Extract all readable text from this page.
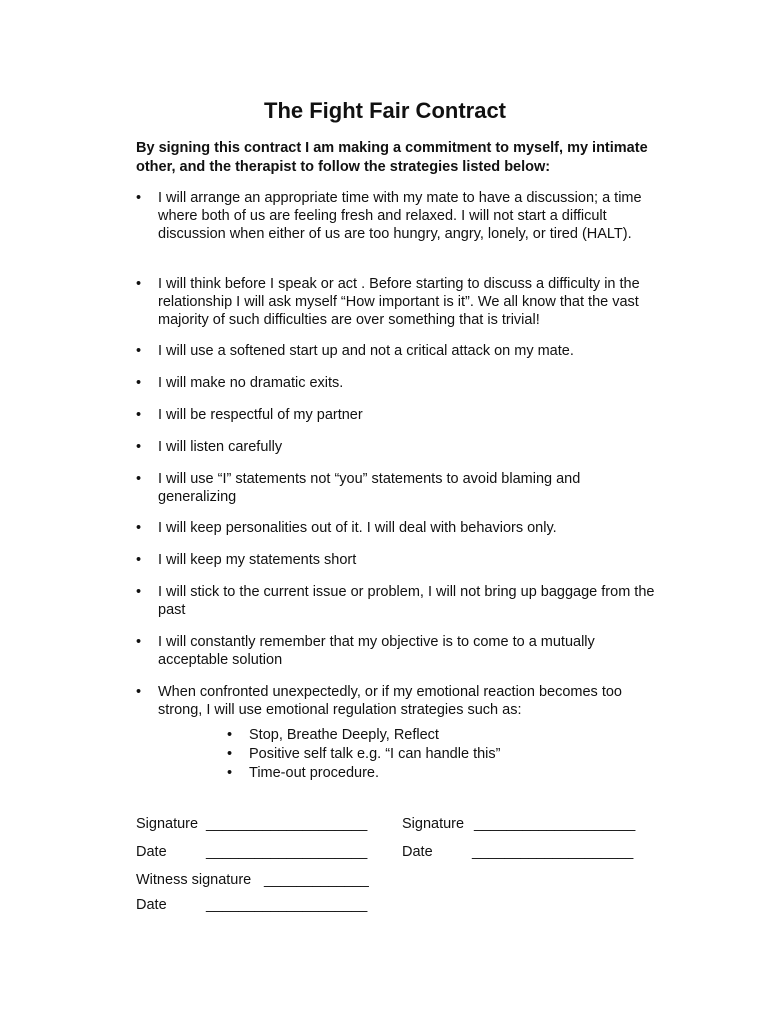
The Fight Fair Contract

By signing this contract I am making a commitment to myself, my intimate other, and the therapist to follow the strategies listed below:

•	I will arrange an appropriate time with my mate to have a discussion; a time where both of us are feeling fresh and relaxed. I will not start a difficult discussion when either of us are too hungry, angry, lonely, or tired (HALT).
•	I will think before I speak or act . Before starting to discuss a difficulty in the relationship I will ask myself “How important is it”. We all know that the vast majority of such difficulties are over something that is trivial!
•	I will use a softened start up and not a critical attack on my mate.
•	I will make no dramatic exits.
•	I will be respectful of my partner
•	I will listen carefully
•	I will use “I” statements not “you” statements to avoid blaming and generalizing
•	I will keep personalities out of it. I will deal with behaviors only.
•	I will keep my statements short
•	I will stick to the current issue or problem, I will not bring up baggage from the past
•	I will constantly remember that my objective is to come to a mutually acceptable solution
•	When confronted unexpectedly, or if my emotional reaction becomes too strong, I will use emotional regulation strategies such as:
•	Stop, Breathe Deeply, Reflect
•	Positive self talk e.g. “I can handle this”
•	Time-out procedure.
Signature ____________________ Signature ____________________
Date	____________________ Date	____________________
Witness signature _____________
Date	____________________
